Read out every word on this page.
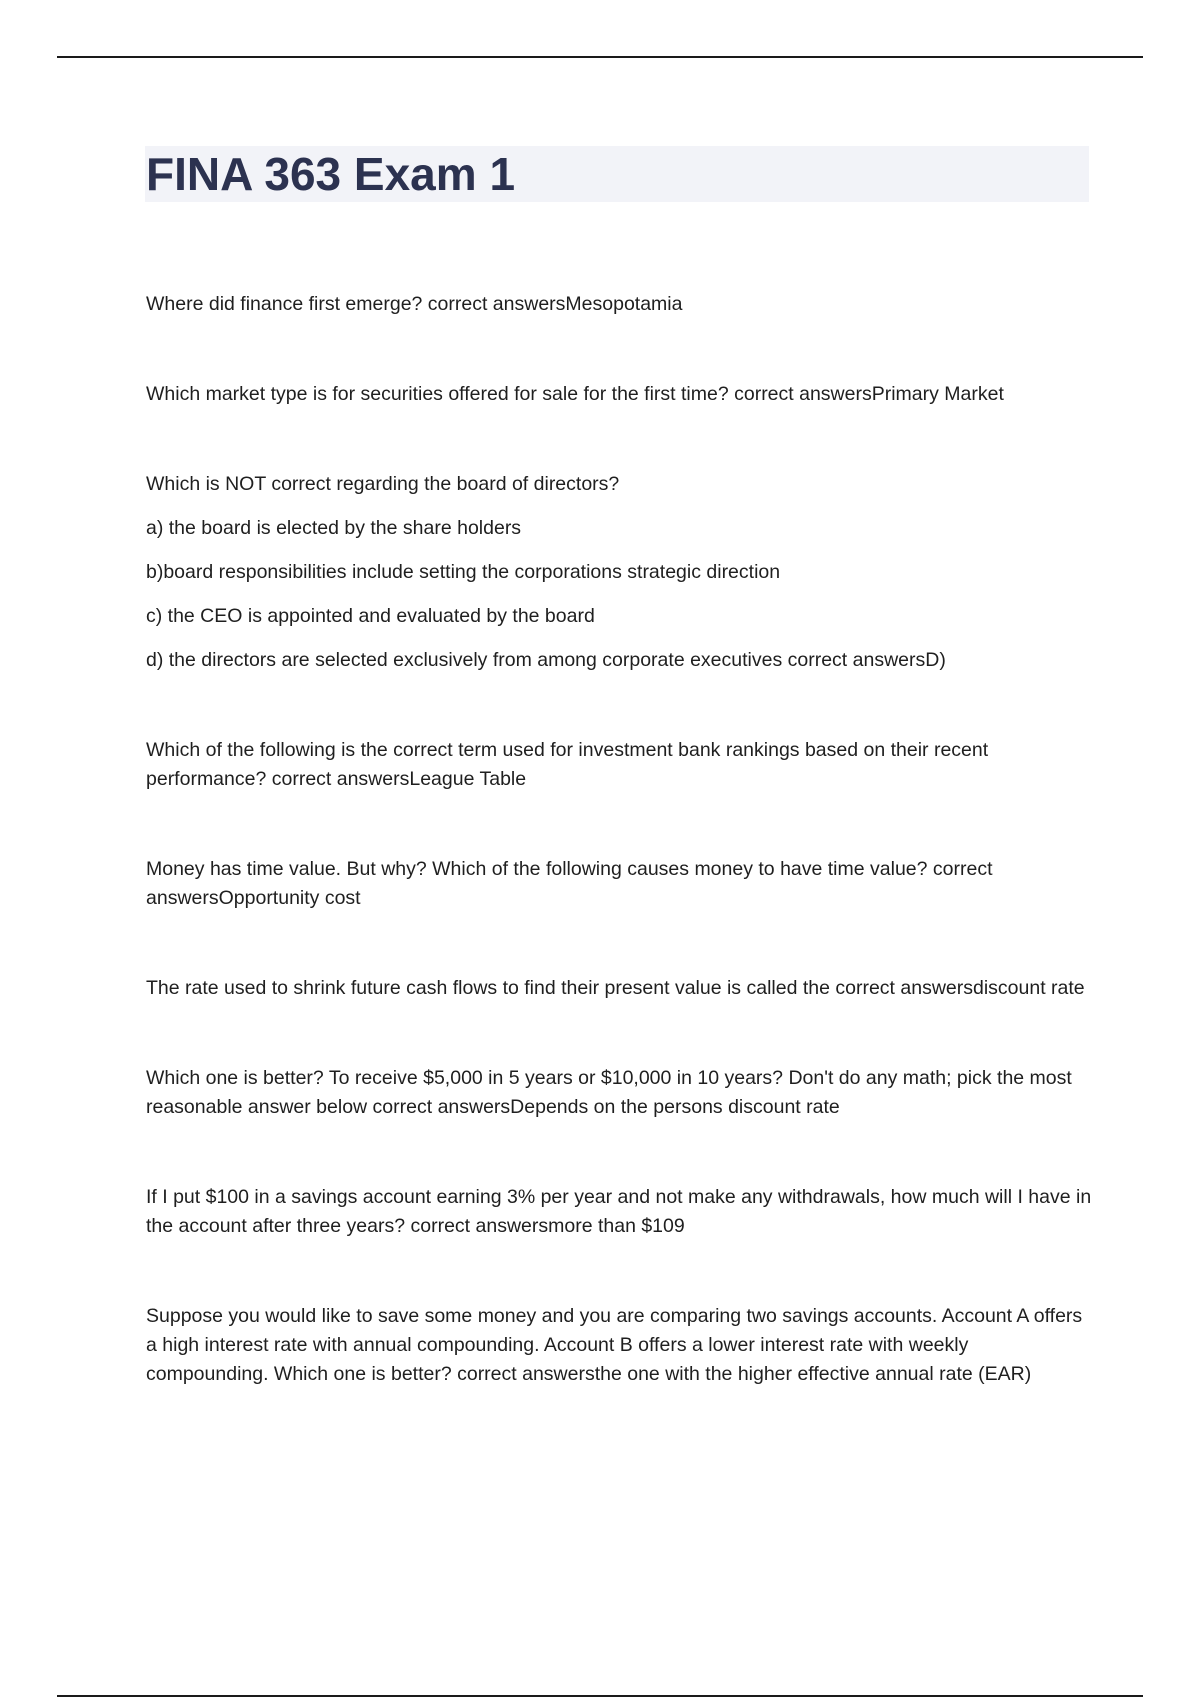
FINA 363 Exam 1

Where did finance first emerge? correct answersMesopotamia

Which market type is for securities offered for sale for the first time? correct answersPrimary Market

Which is NOT correct regarding the board of directors?

a) the board is elected by the share holders

b)board responsibilities include setting the corporations strategic direction

c) the CEO is appointed and evaluated by the board

d) the directors are selected exclusively from among corporate executives correct answersD)

Which of the following is the correct term used for investment bank rankings based on their recent performance? correct answersLeague Table

Money has time value. But why? Which of the following causes money to have time value? correct answersOpportunity cost

The rate used to shrink future cash flows to find their present value is called the correct answersdiscount rate

Which one is better? To receive $5,000 in 5 years or $10,000 in 10 years? Don't do any math; pick the most reasonable answer below correct answersDepends on the persons discount rate

If I put $100 in a savings account earning 3% per year and not make any withdrawals, how much will I have in the account after three years? correct answersmore than $109

Suppose you would like to save some money and you are comparing two savings accounts. Account A offers a high interest rate with annual compounding. Account B offers a lower interest rate with weekly compounding. Which one is better? correct answersthe one with the higher effective annual rate (EAR)
